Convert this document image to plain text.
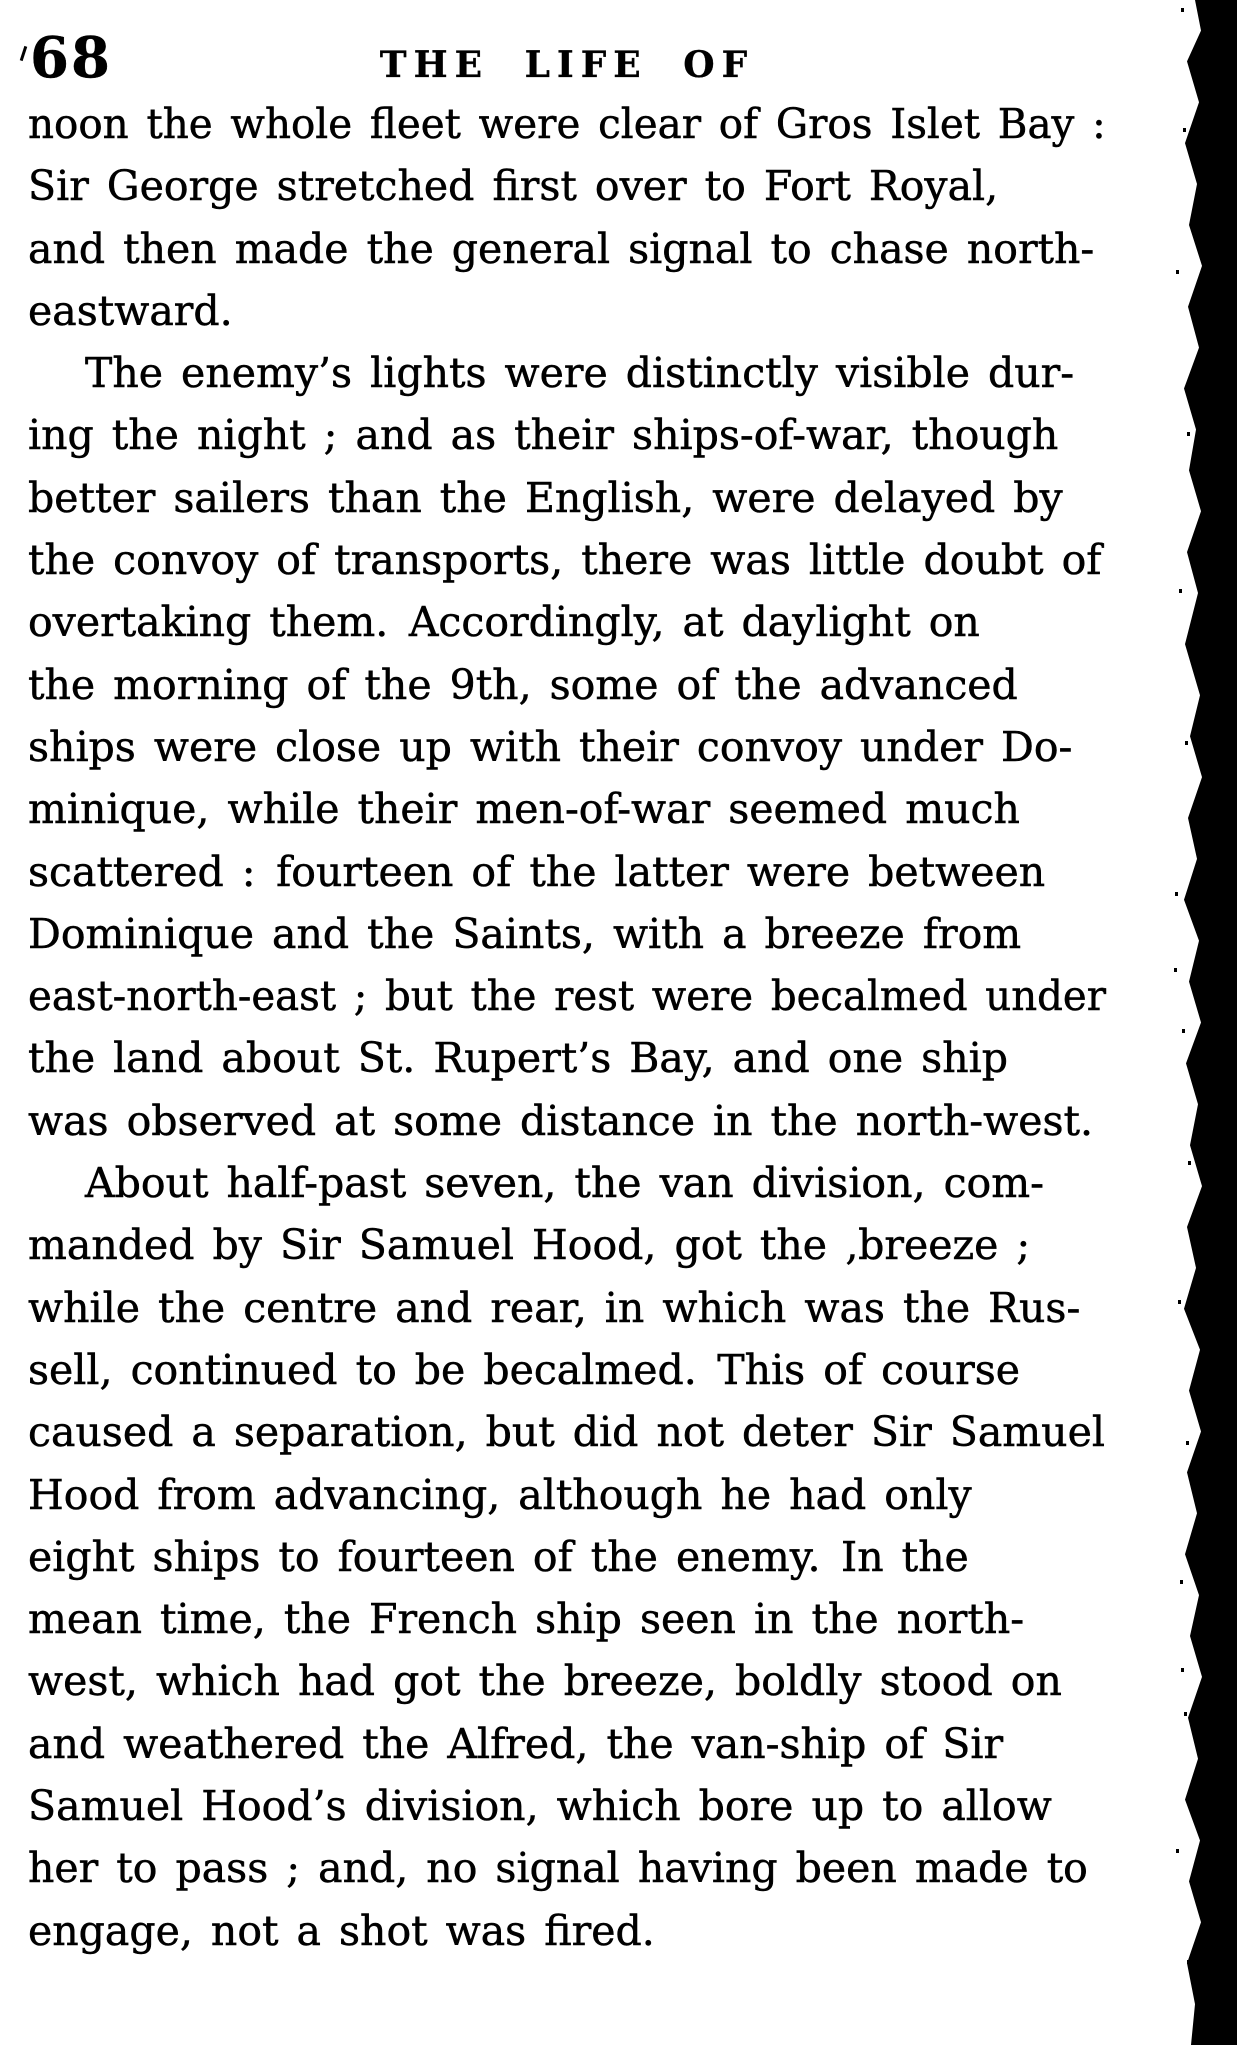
68	THE LIFE OF
noon the whole fleet were clear of Gros Islet Bay :
Sir George stretched first over to Fort Royal,
and then made the general signal to chase north-
eastward.
The enemy’s lights were distinctly visible dur-
ing the night ; and as their ships-of-war, though
better sailers than the English, were delayed by
the convoy of transports, there was little doubt of
overtaking them. Accordingly, at daylight on
the morning of the 9th, some of the advanced
ships were close up with their convoy under Do-
minique, while their men-of-war seemed much
scattered : fourteen of the latter were between
Dominique and the Saints, with a breeze from
east-north-east ; but the rest were becalmed under
the land about St. Rupert’s Bay, and one ship
was observed at some distance in the north-west.
About half-past seven, the van division, com-
manded by Sir Samuel Hood, got the ‚breeze ;
while the centre and rear, in which was the Rus-
sell, continued to be becalmed. This of course
caused a separation, but did not deter Sir Samuel
Hood from advancing, although he had only
eight ships to fourteen of the enemy. In the
mean time, the French ship seen in the north-
west, which had got the breeze, boldly stood on
and weathered the Alfred, the van-ship of Sir
Samuel Hood’s division, which bore up to allow
her to pass ; and, no signal having been made to
engage, not a shot was fired.
